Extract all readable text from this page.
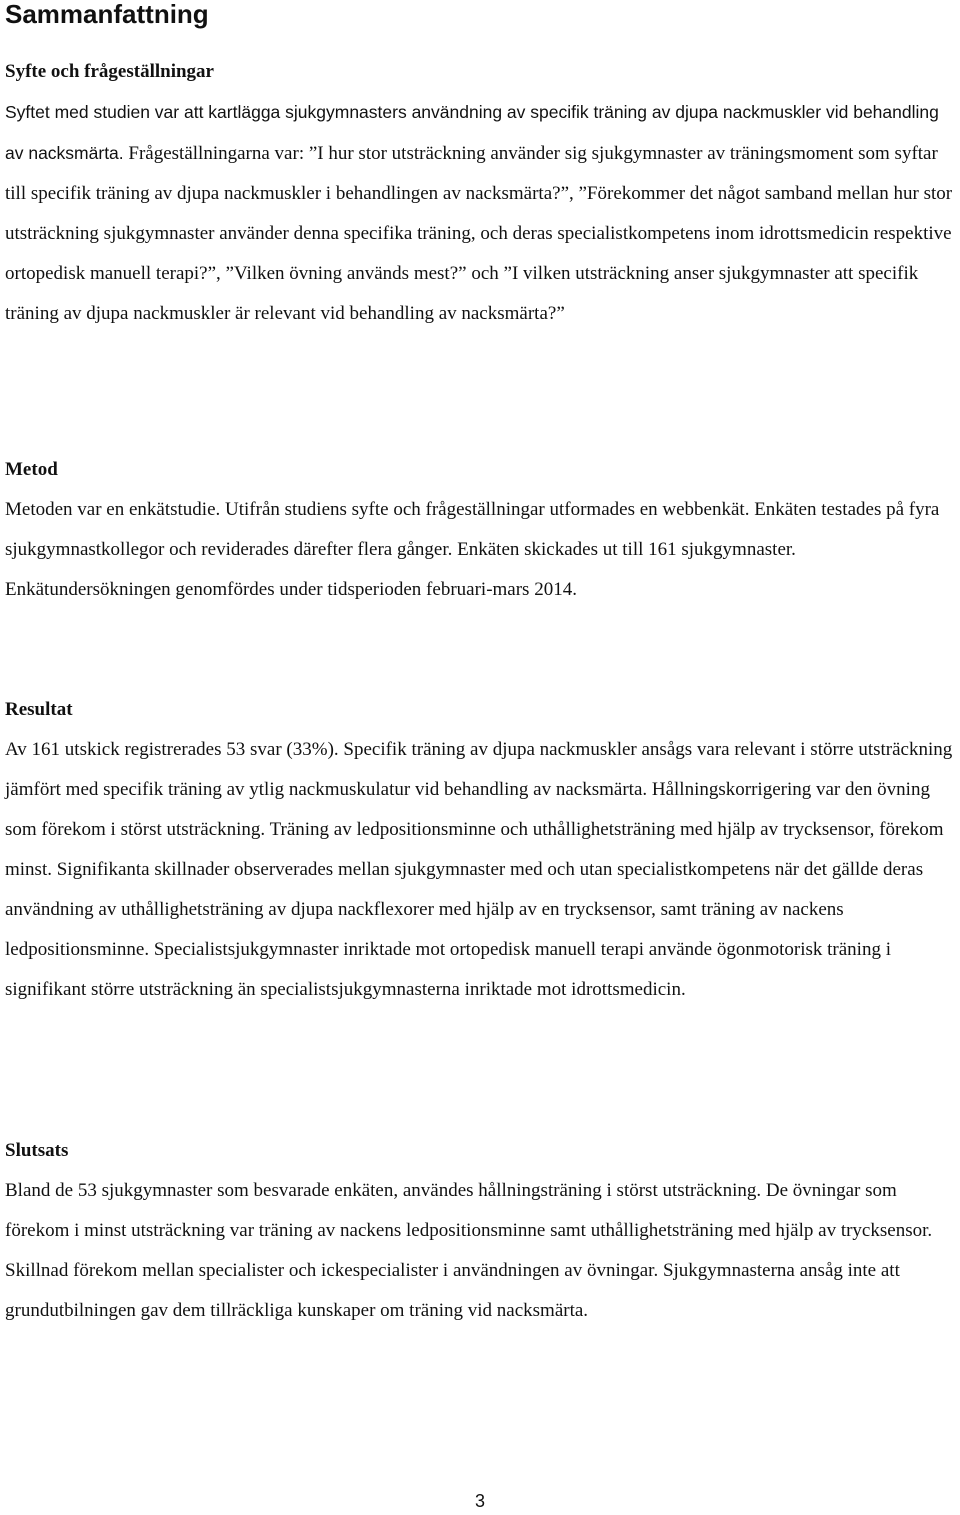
Sammanfattning
Syfte och frågeställningar

Syftet med studien var att kartlägga sjukgymnasters användning av specifik träning av djupa nackmuskler vid behandling av nacksmärta. Frågeställningarna var: ”I hur stor utsträckning använder sig sjukgymnaster av träningsmoment som syftar till specifik träning av djupa nackmuskler i behandlingen av nacksmärta?”, ”Förekommer det något samband mellan hur stor utsträckning sjukgymnaster använder denna specifika träning, och deras specialistkompetens inom idrottsmedicin respektive ortopedisk manuell terapi?”, ”Vilken övning används mest?” och ”I vilken utsträckning anser sjukgymnaster att specifik träning av djupa nackmuskler är relevant vid behandling av nacksmärta?”

Metod

Metoden var en enkätstudie. Utifrån studiens syfte och frågeställningar utformades en webbenkät. Enkäten testades på fyra sjukgymnastkollegor och reviderades därefter flera gånger. Enkäten skickades ut till 161 sjukgymnaster. Enkätundersökningen genomfördes under tidsperioden februari-mars 2014.

Resultat

Av 161 utskick registrerades 53 svar (33%). Specifik träning av djupa nackmuskler ansågs vara relevant i större utsträckning jämfört med specifik träning av ytlig nackmuskulatur vid behandling av nacksmärta. Hållningskorrigering var den övning som förekom i störst utsträckning. Träning av ledpositionsminne och uthållighetsträning med hjälp av trycksensor, förekom minst. Signifikanta skillnader observerades mellan sjukgymnaster med och utan specialistkompetens när det gällde deras användning av uthållighetsträning av djupa nackflexorer med hjälp av en trycksensor, samt träning av nackens ledpositionsminne. Specialistsjukgymnaster inriktade mot ortopedisk manuell terapi använde ögonmotorisk träning i signifikant större utsträckning än specialistsjukgymnasterna inriktade mot idrottsmedicin.

Slutsats

Bland de 53 sjukgymnaster som besvarade enkäten, användes hållningsträning i störst utsträckning. De övningar som förekom i minst utsträckning var träning av nackens ledpositionsminne samt uthållighetsträning med hjälp av trycksensor. Skillnad förekom mellan specialister och ickespecialister i användningen av övningar. Sjukgymnasterna ansåg inte att grundutbilningen gav dem tillräckliga kunskaper om träning vid nacksmärta.

3
